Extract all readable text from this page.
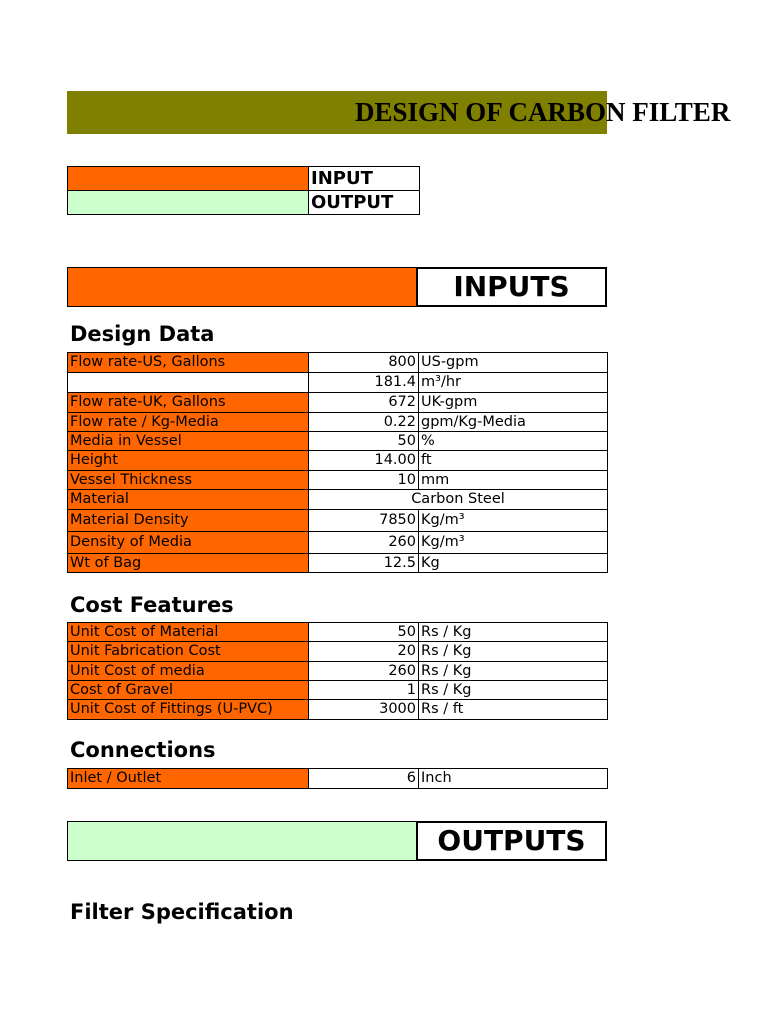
DESIGN OF CARBON FILTER
	INPUT
	OUTPUT
INPUTS
Design Data
Flow rate-US, Gallons	800	US-gpm
	181.4	m³/hr
Flow rate-UK, Gallons	672	UK-gpm
Flow rate / Kg-Media	0.22	gpm/Kg-Media
Media in Vessel	50	%
Height	14.00	ft
Vessel Thickness	10	mm
Material	Carbon Steel	
Material Density	7850	Kg/m³
Density of Media	260	Kg/m³
Wt of Bag	12.5	Kg
Cost Features
Unit Cost of Material	50	Rs / Kg
Unit Fabrication Cost	20	Rs / Kg
Unit Cost of media	260	Rs / Kg
Cost of Gravel	1	Rs / Kg
Unit Cost of Fittings (U-PVC)	3000	Rs / ft
Connections
Inlet / Outlet	6	Inch
OUTPUTS
Filter Specification
